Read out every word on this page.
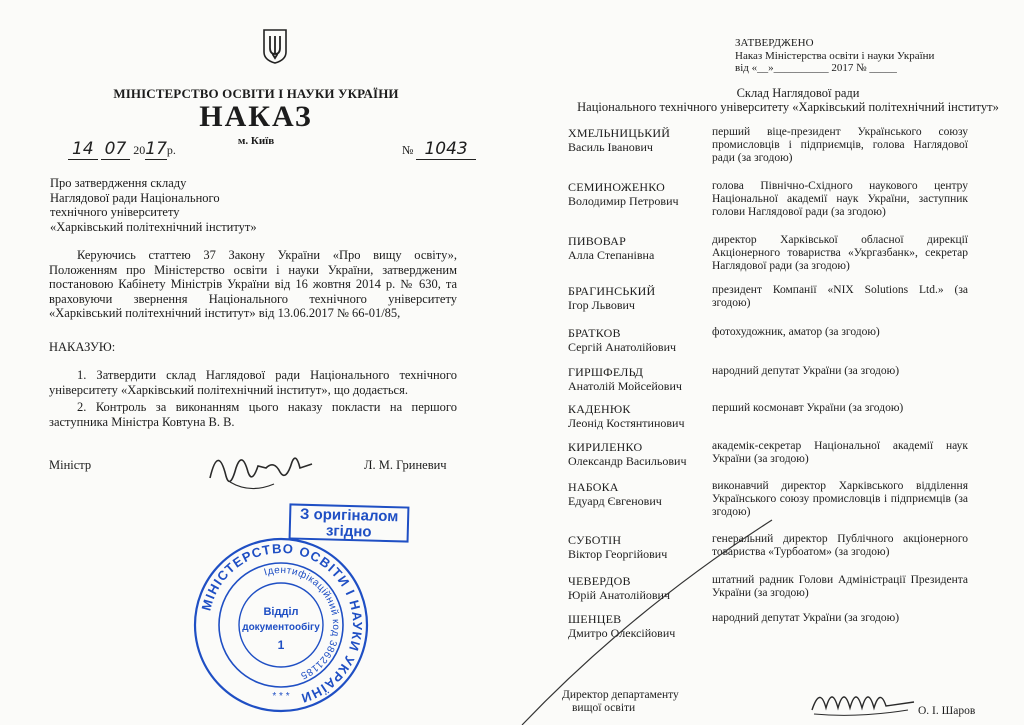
МІНІСТЕРСТВО ОСВІТИ І НАУКИ УКРАЇНИ
НАКАЗ
м. Київ
14 07 2017р.	№ 1043
Про затвердження складу
Наглядової ради Національного
технічного університету
«Харківський політехнічний інститут»
Керуючись статтею 37 Закону України «Про вищу освіту», Положенням про Міністерство освіти і науки України, затвердженим постановою Кабінету Міністрів України від 16 жовтня 2014 р. № 630, та враховуючи звернення Національного технічного університету «Харківський політехнічний інститут» від 13.06.2017 № 66-01/85,
НАКАЗУЮ:
1. Затвердити склад Наглядової ради Національного технічного університету «Харківський політехнічний інститут», що додається.
2. Контроль за виконанням цього наказу покласти на першого заступника Міністра Ковтуна В. В.
Міністр	Л. М. Гриневич
З оригіналом
згідно
МІНІСТЕРСТВО ОСВІТИ І НАУКИ УКРАЇНИ
Ідентифікаційний код 38621185
Відділ
документообігу
1
* * *
ЗАТВЕРДЖЕНО
Наказ Міністерства освіти і науки України
від «__»__________ 2017 № _____
Склад Наглядової ради
Національного технічного університету «Харківський політехнічний інститут»
ХМЕЛЬНИЦЬКИЙ
Василь Іванович
перший віце-президент Українського союзу промисловців і підприємців, голова Наглядової ради (за згодою)
СЕМИНОЖЕНКО
Володимир Петрович
голова Північно-Східного наукового центру Національної академії наук України, заступник голови Наглядової ради (за згодою)
ПИВОВАР
Алла Степанівна
директор Харківської обласної дирекції Акціонерного товариства «Укргазбанк», секретар Наглядової ради (за згодою)
БРАГИНСЬКИЙ
Ігор Львович
президент Компанії «NIX Solutions Ltd.» (за згодою)
БРАТКОВ
Сергій Анатолійович
фотохудожник, аматор (за згодою)
ГИРШФЕЛЬД
Анатолій Мойсейович
народний депутат України (за згодою)
КАДЕНЮК
Леонід Костянтинович
перший космонавт України (за згодою)
КИРИЛЕНКО
Олександр Васильович
академік-секретар Національної академії наук України (за згодою)
НАБОКА
Едуард Євгенович
виконавчий директор Харківського відділення Українського союзу промисловців і підприємців (за згодою)
СУБОТІН
Віктор Георгійович
генеральний директор Публічного акціонерного товариства «Турбоатом» (за згодою)
ЧЕВЕРДОВ
Юрій Анатолійович
штатний радник Голови Адміністрації Президента України (за згодою)
ШЕНЦЕВ
Дмитро Олексійович
народний депутат України (за згодою)
Директор департаменту
вищої освіти	О. І. Шаров
